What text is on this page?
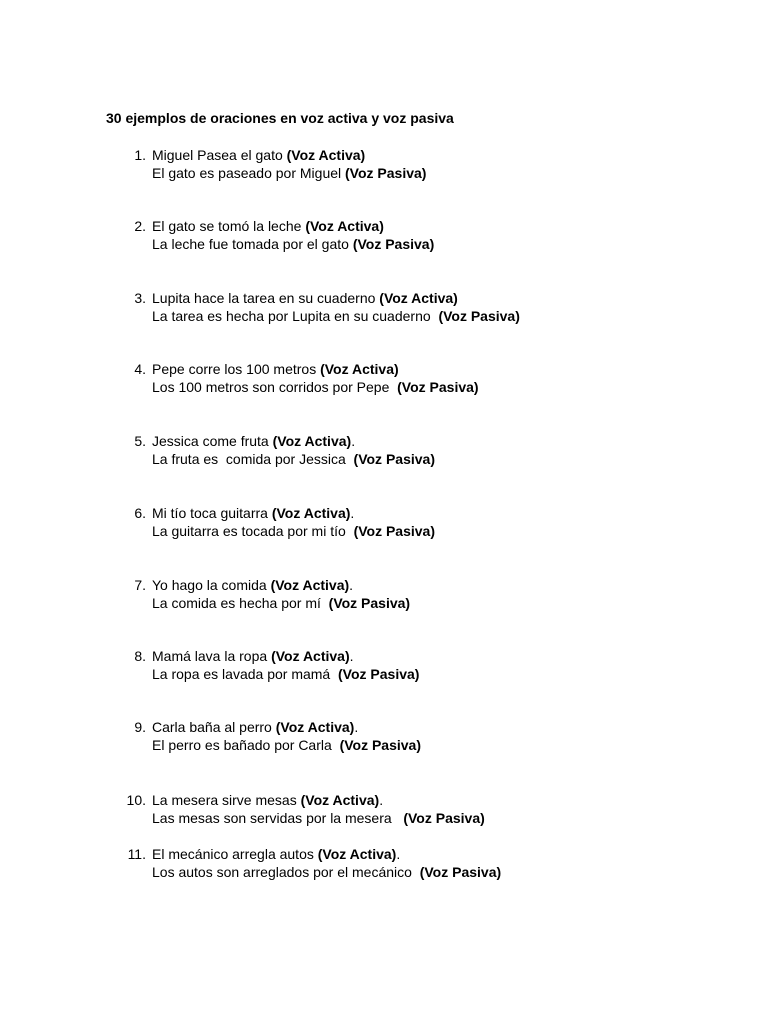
30 ejemplos de oraciones en voz activa y voz pasiva
1. Miguel Pasea el gato (Voz Activa)
El gato es paseado por Miguel (Voz Pasiva)
2. El gato se tomó la leche (Voz Activa)
La leche fue tomada por el gato (Voz Pasiva)
3. Lupita hace la tarea en su cuaderno (Voz Activa)
La tarea es hecha por Lupita en su cuaderno  (Voz Pasiva)
4. Pepe corre los 100 metros (Voz Activa)
Los 100 metros son corridos por Pepe  (Voz Pasiva)
5. Jessica come fruta (Voz Activa).
La fruta es  comida por Jessica  (Voz Pasiva)
6. Mi tío toca guitarra (Voz Activa).
La guitarra es tocada por mi tío  (Voz Pasiva)
7. Yo hago la comida (Voz Activa).
La comida es hecha por mí  (Voz Pasiva)
8. Mamá lava la ropa (Voz Activa).
La ropa es lavada por mamá  (Voz Pasiva)
9. Carla baña al perro (Voz Activa).
El perro es bañado por Carla  (Voz Pasiva)
10. La mesera sirve mesas (Voz Activa).
Las mesas son servidas por la mesera   (Voz Pasiva)
11. El mecánico arregla autos (Voz Activa).
Los autos son arreglados por el mecánico  (Voz Pasiva)
